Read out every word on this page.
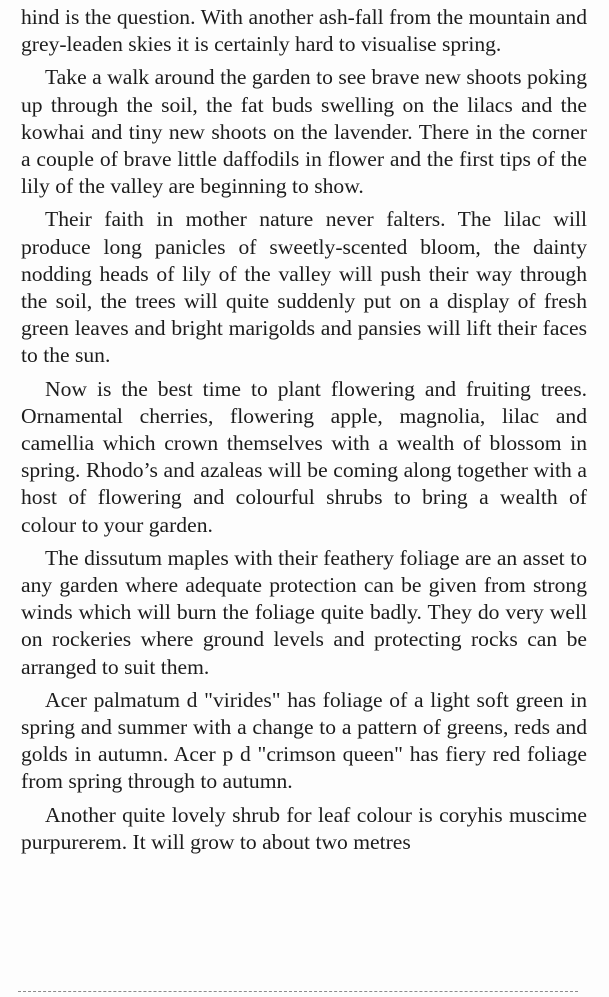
hind is the question. With another ash-fall from the mountain and grey-leaden skies it is certainly hard to visualise spring.

Take a walk around the garden to see brave new shoots poking up through the soil, the fat buds swelling on the lilacs and the kowhai and tiny new shoots on the lavender. There in the corner a couple of brave little daffodils in flower and the first tips of the lily of the valley are beginning to show.

Their faith in mother nature never falters. The lilac will produce long panicles of sweetly-scented bloom, the dainty nodding heads of lily of the valley will push their way through the soil, the trees will quite suddenly put on a display of fresh green leaves and bright marigolds and pansies will lift their faces to the sun.

Now is the best time to plant flowering and fruiting trees. Ornamental cherries, flowering apple, magnolia, lilac and camellia which crown themselves with a wealth of blossom in spring. Rhodo’s and azaleas will be coming along together with a host of flowering and colourful shrubs to bring a wealth of colour to your garden.

The dissutum maples with their feathery foliage are an asset to any garden where adequate protection can be given from strong winds which will burn the foliage quite badly. They do very well on rockeries where ground levels and protecting rocks can be arranged to suit them.

Acer palmatum d "virides" has foliage of a light soft green in spring and summer with a change to a pattern of greens, reds and golds in autumn. Acer p d "crimson queen" has fiery red foliage from spring through to autumn.

Another quite lovely shrub for leaf colour is coryhis muscime purpurerem. It will grow to about two metres
